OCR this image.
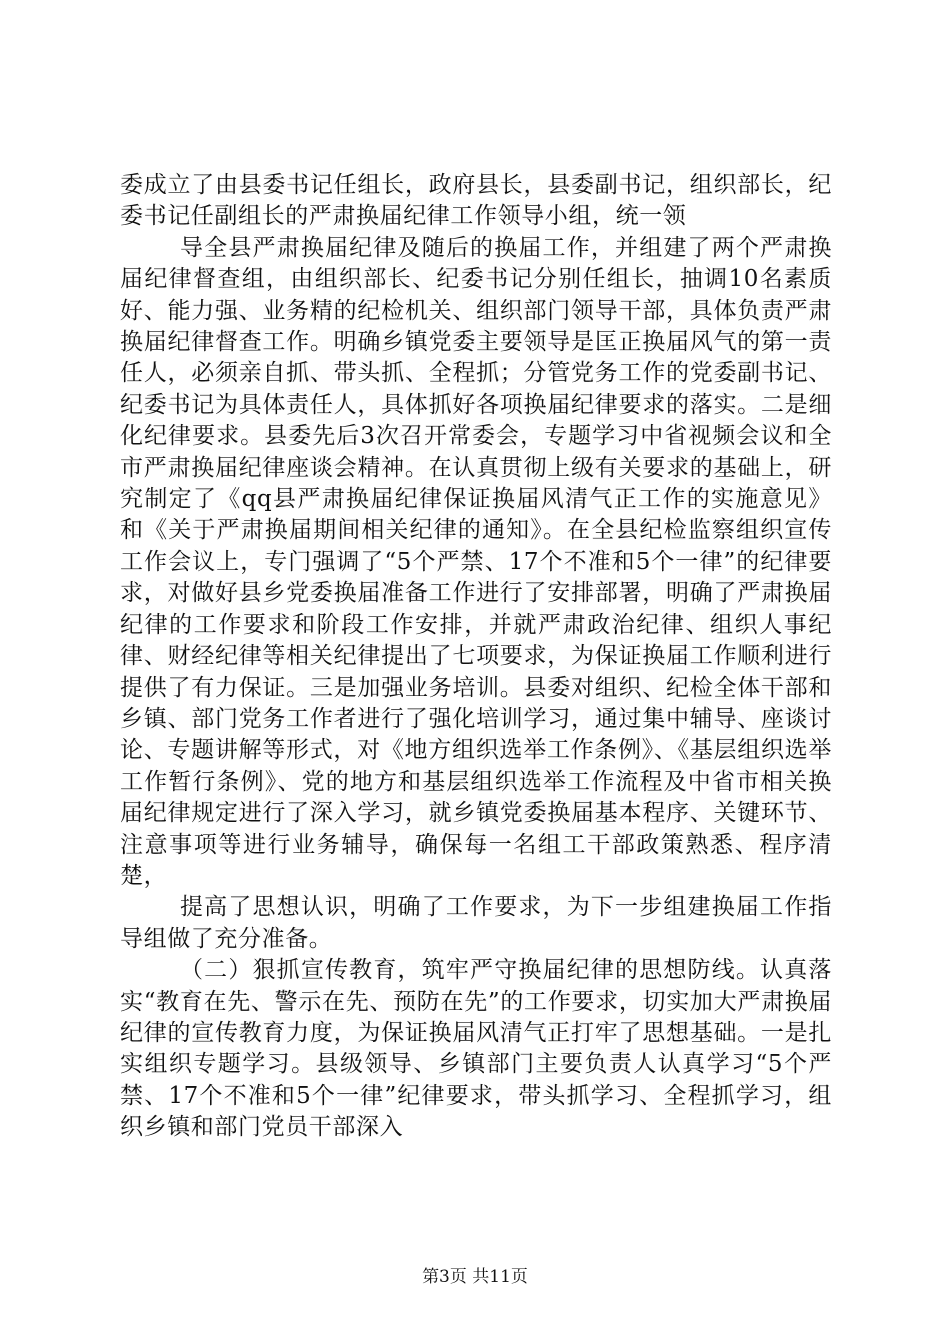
委成立了由县委书记任组长，政府县长，县委副书记，组织部长，纪委书记任副组长的严肃换届纪律工作领导小组，统一领

导全县严肃换届纪律及随后的换届工作，并组建了两个严肃换届纪律督查组，由组织部长、纪委书记分别任组长，抽调10名素质好、能力强、业务精的纪检机关、组织部门领导干部，具体负责严肃换届纪律督查工作。明确乡镇党委主要领导是匡正换届风气的第一责任人，必须亲自抓、带头抓、全程抓；分管党务工作的党委副书记、纪委书记为具体责任人，具体抓好各项换届纪律要求的落实。二是细化纪律要求。县委先后3次召开常委会，专题学习中省视频会议和全市严肃换届纪律座谈会精神。在认真贯彻上级有关要求的基础上，研究制定了《qq县严肃换届纪律保证换届风清气正工作的实施意见》和《关于严肃换届期间相关纪律的通知》。在全县纪检监察组织宣传工作会议上，专门强调了“5个严禁、17个不准和5个一律”的纪律要求，对做好县乡党委换届准备工作进行了安排部署，明确了严肃换届纪律的工作要求和阶段工作安排，并就严肃政治纪律、组织人事纪律、财经纪律等相关纪律提出了七项要求，为保证换届工作顺利进行提供了有力保证。三是加强业务培训。县委对组织、纪检全体干部和乡镇、部门党务工作者进行了强化培训学习，通过集中辅导、座谈讨论、专题讲解等形式，对《地方组织选举工作条例》、《基层组织选举工作暂行条例》、党的地方和基层组织选举工作流程及中省市相关换届纪律规定进行了深入学习，就乡镇党委换届基本程序、关键环节、注意事项等进行业务辅导，确保每一名组工干部政策熟悉、程序清楚，

提高了思想认识，明确了工作要求，为下一步组建换届工作指导组做了充分准备。

（二）狠抓宣传教育，筑牢严守换届纪律的思想防线。认真落实“教育在先、警示在先、预防在先”的工作要求，切实加大严肃换届纪律的宣传教育力度，为保证换届风清气正打牢了思想基础。一是扎实组织专题学习。县级领导、乡镇部门主要负责人认真学习“5个严禁、17个不准和5个一律”纪律要求，带头抓学习、全程抓学习，组织乡镇和部门党员干部深入

第3页 共11页
